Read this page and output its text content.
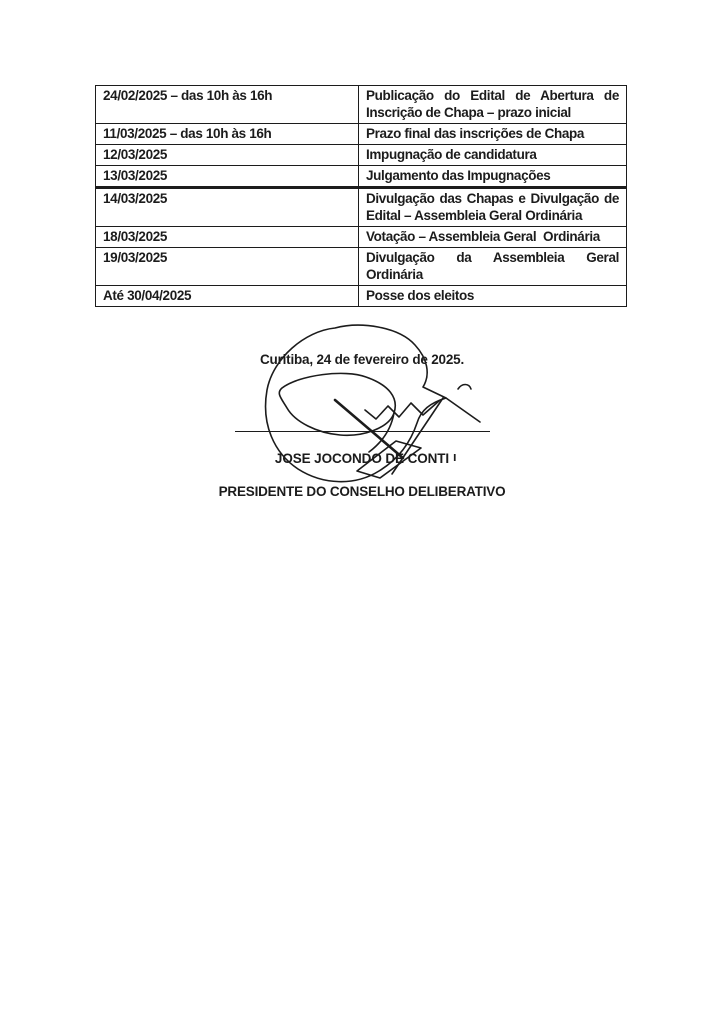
24/02/2025 – das 10h às 16h	Publicação do Edital de Abertura de
Inscrição de Chapa – prazo inicial

11/03/2025 – das 10h às 16h	Prazo final das inscrições de Chapa

12/03/2025	Impugnação de candidatura

13/03/2025	Julgamento das Impugnações

14/03/2025	Divulgação das Chapas e Divulgação de
Edital – Assembleia Geral Ordinária

18/03/2025	Votação – Assembleia Geral  Ordinária

19/03/2025	Divulgação da Assembleia Geral
Ordinária

Até 30/04/2025	Posse dos eleitos
Curitiba, 24 de fevereiro de 2025.
JOSE JOCONDO DE CONTI ı
PRESIDENTE DO CONSELHO DELIBERATIVO
